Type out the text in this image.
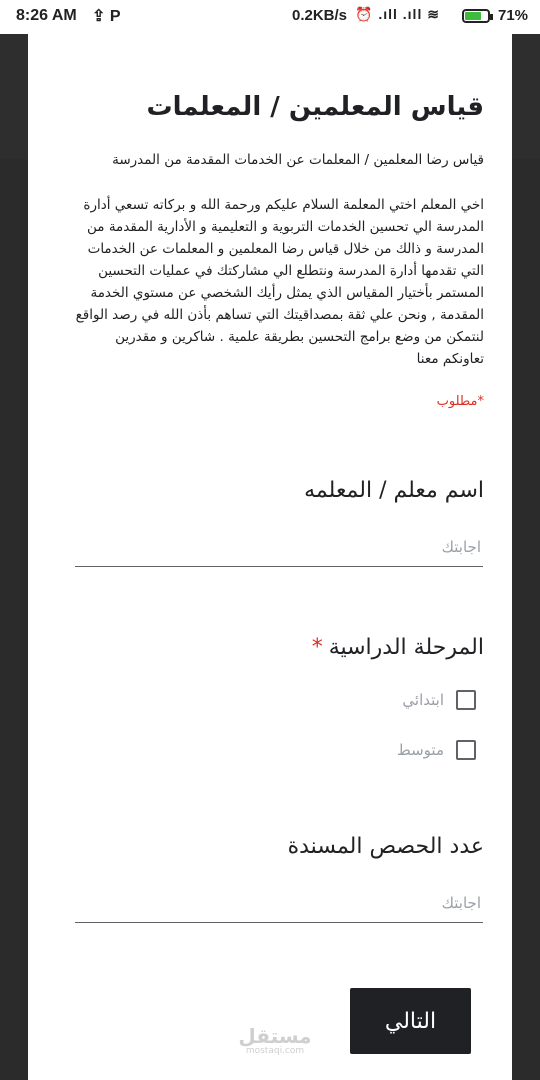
8:26 AM ⇪ P	0.2KB/s ⏰ .ıll .ıll ≋	71%
قياس المعلمين / المعلمات
قياس رضا المعلمين / المعلمات عن الخدمات المقدمة من المدرسة
اخي المعلم اختي المعلمة السلام عليكم ورحمة الله و بركاته تسعي أدارة المدرسة الي تحسين الخدمات التربوية و التعليمية و الأدارية المقدمة من المدرسة و ذالك من خلال قياس رضا المعلمين و المعلمات عن الخدمات التي تقدمها أدارة المدرسة ونتطلع الي مشاركتك في عمليات التحسين المستمر بأختيار المقياس الذي يمثل رأيك الشخصي عن مستوي الخدمة المقدمة , ونحن علي ثقة بمصداقيتك التي تساهم بأذن الله في رصد الواقع لنتمكن من وضع برامج التحسين بطريقة علمية . شاكرين و مقدرين تعاونكم معنا
*مطلوب
اسم معلم / المعلمه
اجابتك
المرحلة الدراسية*
ابتدائي
متوسط
عدد الحصص المسندة
اجابتك
التالي
مستقل
mostaqi.com
